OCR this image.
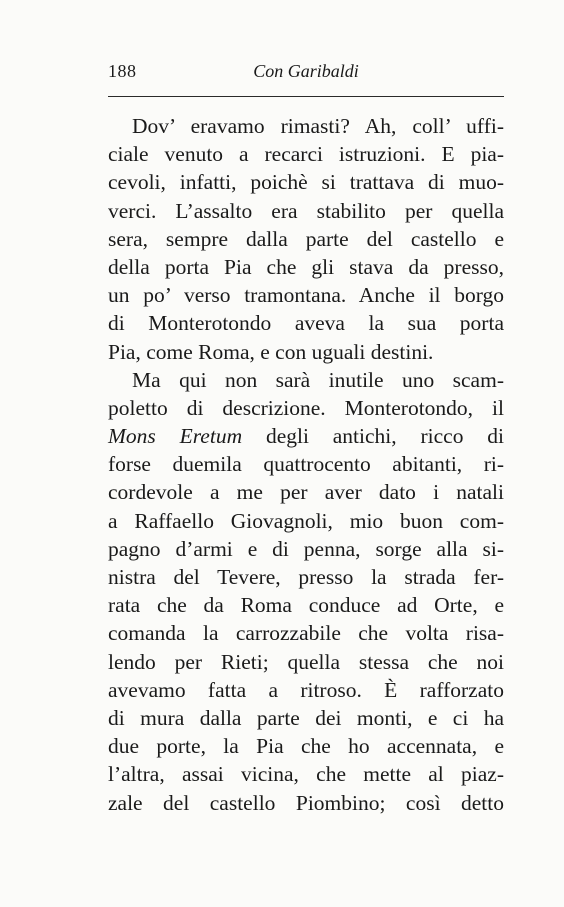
188	Con Garibaldi
Dov’ eravamo rimasti? Ah, coll’ uffi-
ciale venuto a recarci istruzioni. E pia-
cevoli, infatti, poichè si trattava di muo-
verci. L’assalto era stabilito per quella
sera, sempre dalla parte del castello e
della porta Pia che gli stava da presso,
un po’ verso tramontana. Anche il borgo
di Monterotondo aveva la sua porta
Pia, come Roma, e con uguali destini.
Ma qui non sarà inutile uno scam-
poletto di descrizione. Monterotondo, il
Mons Eretum degli antichi, ricco di
forse duemila quattrocento abitanti, ri-
cordevole a me per aver dato i natali
a Raffaello Giovagnoli, mio buon com-
pagno d’armi e di penna, sorge alla si-
nistra del Tevere, presso la strada fer-
rata che da Roma conduce ad Orte, e
comanda la carrozzabile che volta risa-
lendo per Rieti; quella stessa che noi
avevamo fatta a ritroso. È rafforzato
di mura dalla parte dei monti, e ci ha
due porte, la Pia che ho accennata, e
l’altra, assai vicina, che mette al piaz-
zale del castello Piombino; così detto
